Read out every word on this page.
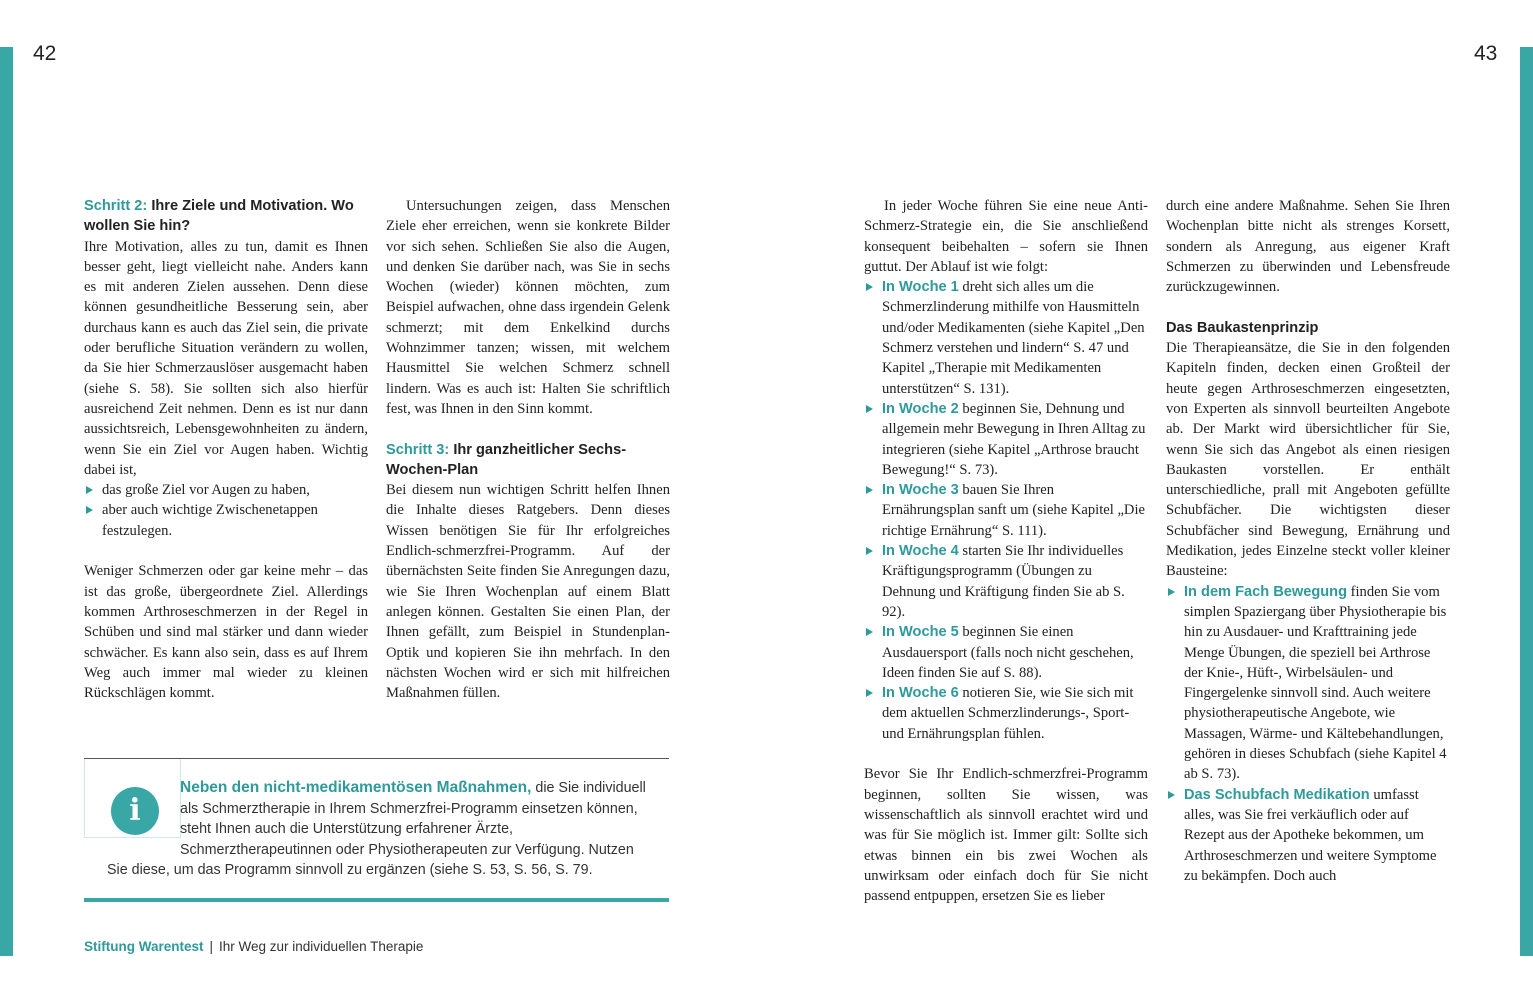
42	43
Schritt 2: Ihre Ziele und Motivation. Wo wollen Sie hin?

Ihre Motivation, alles zu tun, damit es Ihnen besser geht, liegt vielleicht nahe. Anders kann es mit anderen Zielen aussehen. Denn diese können gesundheitliche Besserung sein, aber durchaus kann es auch das Ziel sein, die private oder berufliche Situation verändern zu wollen, da Sie hier Schmerzauslöser ausgemacht haben (siehe S. 58). Sie sollten sich also hierfür ausreichend Zeit nehmen. Denn es ist nur dann aussichtsreich, Lebensgewohnheiten zu ändern, wenn Sie ein Ziel vor Augen haben. Wichtig dabei ist,

das große Ziel vor Augen zu haben,
aber auch wichtige Zwischenetappen festzulegen.

Weniger Schmerzen oder gar keine mehr – das ist das große, übergeordnete Ziel. Allerdings kommen Arthroseschmerzen in der Regel in Schüben und sind mal stärker und dann wieder schwächer. Es kann also sein, dass es auf Ihrem Weg auch immer mal wieder zu kleinen Rückschlägen kommt.

Untersuchungen zeigen, dass Menschen Ziele eher erreichen, wenn sie konkrete Bilder vor sich sehen. Schließen Sie also die Augen, und denken Sie darüber nach, was Sie in sechs Wochen (wieder) können möchten, zum Beispiel aufwachen, ohne dass irgendein Gelenk schmerzt; mit dem Enkelkind durchs Wohnzimmer tanzen; wissen, mit welchem Hausmittel Sie welchen Schmerz schnell lindern. Was es auch ist: Halten Sie schriftlich fest, was Ihnen in den Sinn kommt.

Schritt 3: Ihr ganzheitlicher Sechs-Wochen-Plan

Bei diesem nun wichtigen Schritt helfen Ihnen die Inhalte dieses Ratgebers. Denn dieses Wissen benötigen Sie für Ihr erfolgreiches Endlich-schmerzfrei-Programm. Auf der übernächsten Seite finden Sie Anregungen dazu, wie Sie Ihren Wochenplan auf einem Blatt anlegen können. Gestalten Sie einen Plan, der Ihnen gefällt, zum Beispiel in Stundenplan-Optik und kopieren Sie ihn mehrfach. In den nächsten Wochen wird er sich mit hilfreichen Maßnahmen füllen.

i
Neben den nicht-medikamentösen Maßnahmen, die Sie individuell als Schmerztherapie in Ihrem Schmerzfrei-Programm einsetzen können, steht Ihnen auch die Unterstützung erfahrener Ärzte, Schmerztherapeutinnen oder Physiotherapeuten zur Verfügung. Nutzen Sie diese, um das Programm sinnvoll zu ergänzen (siehe S. 53, S. 56, S. 79.
Stiftung Warentest | Ihr Weg zur individuellen Therapie

In jeder Woche führen Sie eine neue Anti-Schmerz-Strategie ein, die Sie anschließend konsequent beibehalten – sofern sie Ihnen guttut. Der Ablauf ist wie folgt:

In Woche 1 dreht sich alles um die Schmerzlinderung mithilfe von Hausmitteln und/oder Medikamenten (siehe Kapitel „Den Schmerz verstehen und lindern“ S. 47 und Kapitel „Therapie mit Medikamenten unterstützen“ S. 131).
In Woche 2 beginnen Sie, Dehnung und allgemein mehr Bewegung in Ihren Alltag zu integrieren (siehe Kapitel „Arthrose braucht Bewegung!“ S. 73).
In Woche 3 bauen Sie Ihren Ernährungsplan sanft um (siehe Kapitel „Die richtige Ernährung“ S. 111).
In Woche 4 starten Sie Ihr individuelles Kräftigungsprogramm (Übungen zu Dehnung und Kräftigung finden Sie ab S. 92).
In Woche 5 beginnen Sie einen Ausdauersport (falls noch nicht geschehen, Ideen finden Sie auf S. 88).
In Woche 6 notieren Sie, wie Sie sich mit dem aktuellen Schmerzlinderungs-, Sport- und Ernährungsplan fühlen.

Bevor Sie Ihr Endlich-schmerzfrei-Programm beginnen, sollten Sie wissen, was wissenschaftlich als sinnvoll erachtet wird und was für Sie möglich ist. Immer gilt: Sollte sich etwas binnen ein bis zwei Wochen als unwirksam oder einfach doch für Sie nicht passend entpuppen, ersetzen Sie es lieber

durch eine andere Maßnahme. Sehen Sie Ihren Wochenplan bitte nicht als strenges Korsett, sondern als Anregung, aus eigener Kraft Schmerzen zu überwinden und Lebensfreude zurückzugewinnen.

Das Baukastenprinzip

Die Therapieansätze, die Sie in den folgenden Kapiteln finden, decken einen Großteil der heute gegen Arthroseschmerzen eingesetzten, von Experten als sinnvoll beurteilten Angebote ab. Der Markt wird übersichtlicher für Sie, wenn Sie sich das Angebot als einen riesigen Baukasten vorstellen. Er enthält unterschiedliche, prall mit Angeboten gefüllte Schubfächer. Die wichtigsten dieser Schubfächer sind Bewegung, Ernährung und Medikation, jedes Einzelne steckt voller kleiner Bausteine:

In dem Fach Bewegung finden Sie vom simplen Spaziergang über Physiotherapie bis hin zu Ausdauer- und Krafttraining jede Menge Übungen, die speziell bei Arthrose der Knie-, Hüft-, Wirbelsäulen- und Fingergelenke sinnvoll sind. Auch weitere physiotherapeutische Angebote, wie Massagen, Wärme- und Kältebehandlungen, gehören in dieses Schubfach (siehe Kapitel 4 ab S. 73).
Das Schubfach Medikation umfasst alles, was Sie frei verkäuflich oder auf Rezept aus der Apotheke bekommen, um Arthroseschmerzen und weitere Symptome zu bekämpfen. Doch auch
